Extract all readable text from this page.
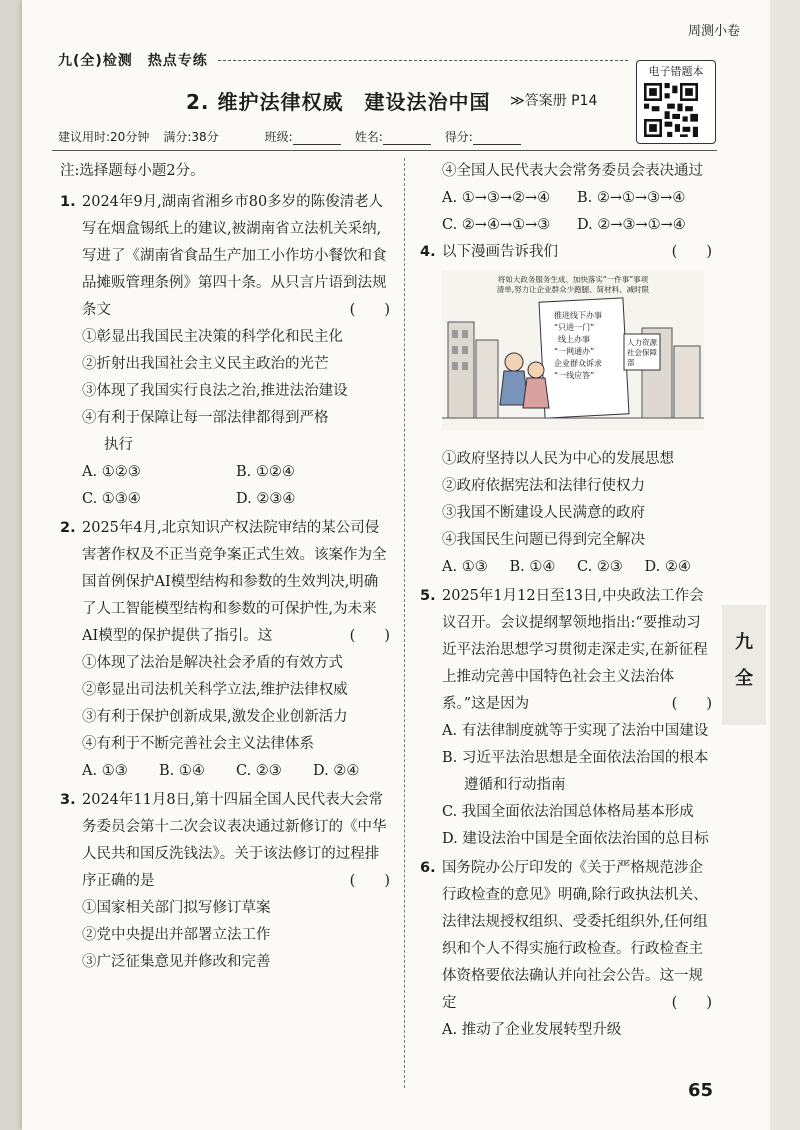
周测小卷
九(全)检测　热点专练
2. 维护法律权威　建设法治中国 ≫答案册 P14
电子错题本
建议用时:20分钟 满分:38分	班级:	姓名:	得分:
注:选择题每小题2分。
1. 2024年9月,湖南省湘乡市80多岁的陈俊清老人写在烟盒锡纸上的建议,被湖南省立法机关采纳,写进了《湖南省食品生产加工小作坊小餐饮和食品摊贩管理条例》第四十条。从只言片语到法规条文	(　　)
①彰显出我国民主决策的科学化和民主化
②折射出我国社会主义民主政治的光芒
③体现了我国实行良法之治,推进法治建设
④有利于保障让每一部法律都得到严格
执行
A. ①②③	B. ①②④
C. ①③④	D. ②③④
2. 2025年4月,北京知识产权法院审结的某公司侵害著作权及不正当竞争案正式生效。该案作为全国首例保护AI模型结构和参数的生效判决,明确了人工智能模型结构和参数的可保护性,为未来AI模型的保护提供了指引。这	(　　)
①体现了法治是解决社会矛盾的有效方式
②彰显出司法机关科学立法,维护法律权威
③有利于保护创新成果,激发企业创新活力
④有利于不断完善社会主义法律体系
A. ①③	B. ①④	C. ②③	D. ②④
3. 2024年11月8日,第十四届全国人民代表大会常务委员会第十二次会议表决通过新修订的《中华人民共和国反洗钱法》。关于该法修订的过程排序正确的是	(　　)
①国家相关部门拟写修订草案
②党中央提出并部署立法工作
③广泛征集意见并修改和完善
④全国人民代表大会常务委员会表决通过
A. ①→③→②→④	B. ②→①→③→④
C. ②→④→①→③	D. ②→③→①→④
4. 以下漫画告诉我们	(　　)
将如大政务服务生成、加快落实“一件事”事项清单,努力让企业群众少跑腿、简材料、减时限
推进线下办事 “只进一门” 线上办事 “一网通办” 企业群众诉求 “一线应答”
人力资源 社会保障 部
①政府坚持以人民为中心的发展思想
②政府依据宪法和法律行使权力
③我国不断建设人民满意的政府
④我国民生问题已得到完全解决
A. ①③	B. ①④	C. ②③	D. ②④
5. 2025年1月12日至13日,中央政法工作会议召开。会议提纲挈领地指出:“要推动习近平法治思想学习贯彻走深走实,在新征程上推动完善中国特色社会主义法治体系。”这是因为	(　　)
A. 有法律制度就等于实现了法治中国建设
B. 习近平法治思想是全面依法治国的根本
遵循和行动指南
C. 我国全面依法治国总体格局基本形成
D. 建设法治中国是全面依法治国的总目标
6. 国务院办公厅印发的《关于严格规范涉企行政检查的意见》明确,除行政执法机关、法律法规授权组织、受委托组织外,任何组织和个人不得实施行政检查。行政检查主体资格要依法确认并向社会公告。这一规定	(　　)
A. 推动了企业发展转型升级
九
全
65
